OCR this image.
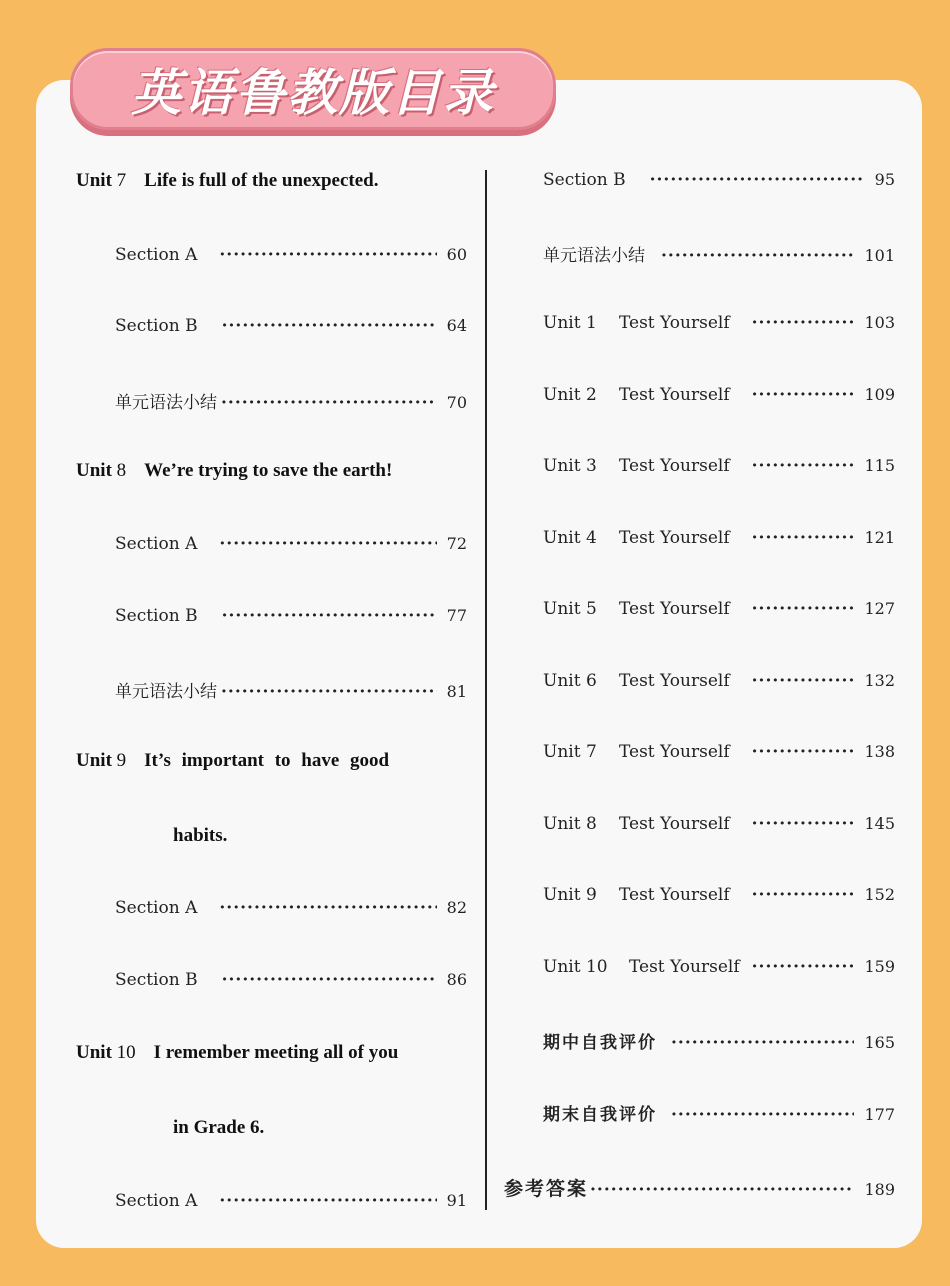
英语鲁教版目录
Unit 7 Life is full of the unexpected.
Section A ·····	60
Section B ·····	64
单元语法小结 ·····	70
Unit 8 We’re trying to save the earth!
Section A ·····	72
Section B ·····	77
单元语法小结 ·····	81
Unit 9 It’s important to have good
habits.
Section A ·····	82
Section B ·····	86
Unit 10 I remember meeting all of you
in Grade 6.
Section A ·····	91
Section B ·····	95
单元语法小结 ·····	101
Unit 1	Test Yourself ·····	103
Unit 2	Test Yourself ·····	109
Unit 3	Test Yourself ·····	115
Unit 4	Test Yourself ·····	121
Unit 5	Test Yourself ·····	127
Unit 6	Test Yourself ·····	132
Unit 7	Test Yourself ·····	138
Unit 8	Test Yourself ·····	145
Unit 9	Test Yourself ·····	152
Unit 10	Test Yourself ·····	159
期中自我评价 ·····	165
期末自我评价 ·····	177
参考答案 ·····	189
